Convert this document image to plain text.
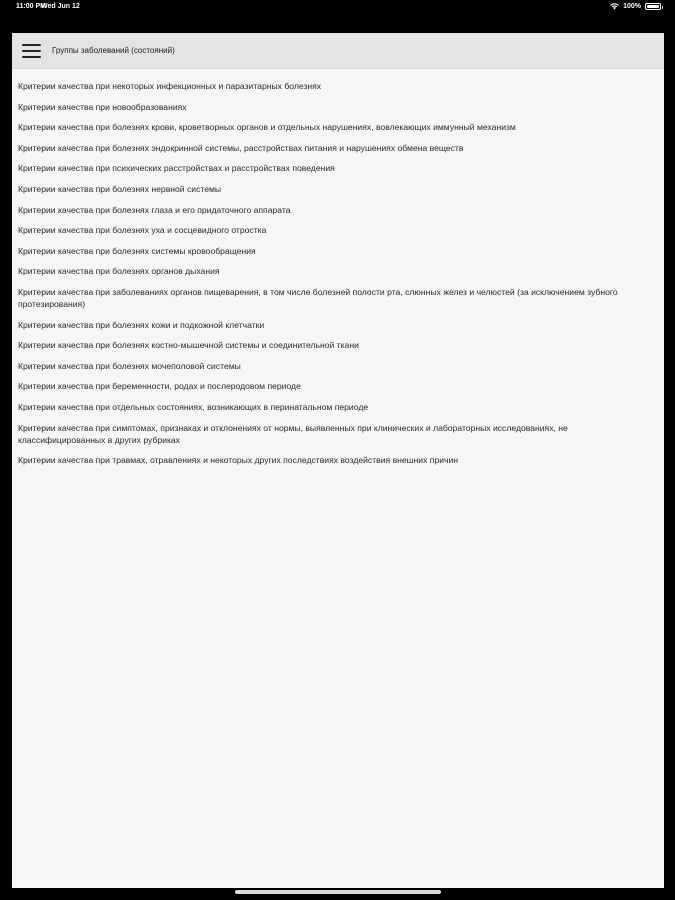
11:00 PM
Wed Jun 12	100%
Группы заболеваний (состояний)
Критерии качества при некоторых инфекционных и паразитарных болезнях
Критерии качества при новообразованиях
Критерии качества при болезнях крови, кроветворных органов и отдельных нарушениях, вовлекающих иммунный механизм
Критерии качества при болезнях эндокринной системы, расстройствах питания и нарушениях обмена веществ
Критерии качества при психических расстройствах и расстройствах поведения
Критерии качества при болезнях нервной системы
Критерии качества при болезнях глаза и его придаточного аппарата
Критерии качества при болезнях уха и сосцевидного отростка
Критерии качества при болезнях системы кровообращения
Критерии качества при болезнях органов дыхания
Критерии качества при заболеваниях органов пищеварения, в том числе болезней полости рта, слюнных желез и челюстей (за исключением зубного протезирования)
Критерии качества при болезнях кожи и подкожной клетчатки
Критерии качества при болезнях костно-мышечной системы и соединительной ткани
Критерии качества при болезнях мочеполовой системы
Критерии качества при беременности, родах и послеродовом периоде
Критерии качества при отдельных состояниях, возникающих в перинатальном периоде
Критерии качества при симптомах, признаках и отклонениях от нормы, выявленных при клинических и лабораторных исследованиях, не классифицированных в других рубриках
Критерии качества при травмах, отравлениях и некоторых других последствиях воздействия внешних причин
